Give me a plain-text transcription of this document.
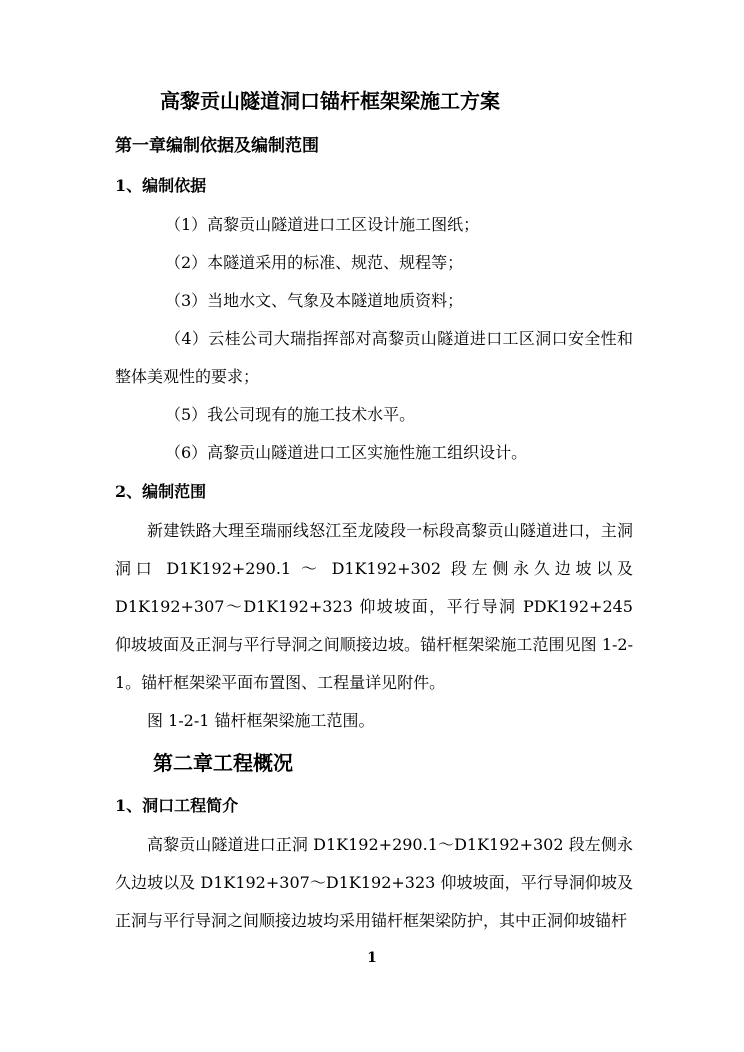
高黎贡山隧道洞口锚杆框架梁施工方案
第一章编制依据及编制范围
1、编制依据
（1）高黎贡山隧道进口工区设计施工图纸；
（2）本隧道采用的标准、规范、规程等；
（3）当地水文、气象及本隧道地质资料；
（4）云桂公司大瑞指挥部对高黎贡山隧道进口工区洞口安全性和整体美观性的要求；
（5）我公司现有的施工技术水平。
（6）高黎贡山隧道进口工区实施性施工组织设计。
2、编制范围
新建铁路大理至瑞丽线怒江至龙陵段一标段高黎贡山隧道进口，主洞洞口 D1K192+290.1 ～ D1K192+302 段左侧永久边坡以及 D1K192+307～D1K192+323 仰坡坡面，平行导洞 PDK192+245 仰坡坡面及正洞与平行导洞之间顺接边坡。锚杆框架梁施工范围见图 1-2-1。锚杆框架梁平面布置图、工程量详见附件。
图 1-2-1 锚杆框架梁施工范围。
第二章工程概况
1、洞口工程简介
高黎贡山隧道进口正洞 D1K192+290.1～D1K192+302 段左侧永久边坡以及 D1K192+307～D1K192+323 仰坡坡面，平行导洞仰坡及正洞与平行导洞之间顺接边坡均采用锚杆框架梁防护，其中正洞仰坡锚杆
1
